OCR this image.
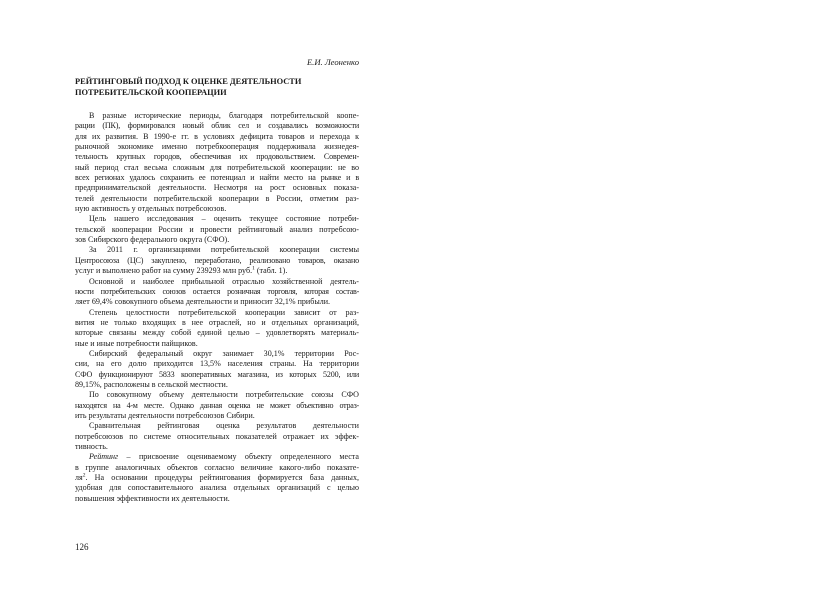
Е.И. Леоненко
РЕЙТИНГОВЫЙ ПОДХОД К ОЦЕНКЕ ДЕЯТЕЛЬНОСТИ
ПОТРЕБИТЕЛЬСКОЙ КООПЕРАЦИИ
В разные исторические периоды, благодаря потребительской коопе-
рации (ПК), формировался новый облик сел и создавались возможности
для их развития. В 1990-е гг. в условиях дефицита товаров и перехода к
рыночной экономике именно потребкооперация поддерживала жизнедея-
тельность крупных городов, обеспечивая их продовольствием. Современ-
ный период стал весьма сложным для потребительской кооперации: не во
всех регионах удалось сохранить ее потенциал и найти место на рынке и в
предпринимательской деятельности. Несмотря на рост основных показа-
телей деятельности потребительской кооперации в России, отметим раз-
ную активность у отдельных потребсоюзов.
Цель нашего исследования – оценить текущее состояние потреби-
тельской кооперации России и провести рейтинговый анализ потребсою-
зов Сибирского федерального округа (СФО).
За 2011 г. организациями потребительской кооперации системы
Центросоюза (ЦС) закуплено, переработано, реализовано товаров, оказано
услуг и выполнено работ на сумму 239293 млн руб.$^1$ (табл. 1).
Основной и наиболее прибыльной отраслью хозяйственной деятель-
ности потребительских союзов остается розничная торговля, которая состав-
ляет 69,4% совокупного объема деятельности и приносит 32,1% прибыли.
Степень целостности потребительской кооперации зависит от раз-
вития не только входящих в нее отраслей, но и отдельных организаций,
которые связаны между собой единой целью – удовлетворять материаль-
ные и иные потребности пайщиков.
Сибирский федеральный округ занимает 30,1% территории Рос-
сии, на его долю приходится 13,5% населения страны. На территории
СФО функционируют 5833 кооперативных магазина, из которых 5200, или
89,15%, расположены в сельской местности.
По совокупному объему деятельности потребительские союзы СФО
находятся на 4-м месте. Однако данная оценка не может объективно отраз-
ить результаты деятельности потребсоюзов Сибири.
Сравнительная рейтинговая оценка результатов деятельности
потребсоюзов по системе относительных показателей отражает их эффек-
тивность.
Рейтинг – присвоение оцениваемому объекту определенного места
в группе аналогичных объектов согласно величине какого-либо показате-
$ля^2$. На основании процедуры рейтингования формируется база данных,
удобная для сопоставительного анализа отдельных организаций с целью
повышения эффективности их деятельности.
126
